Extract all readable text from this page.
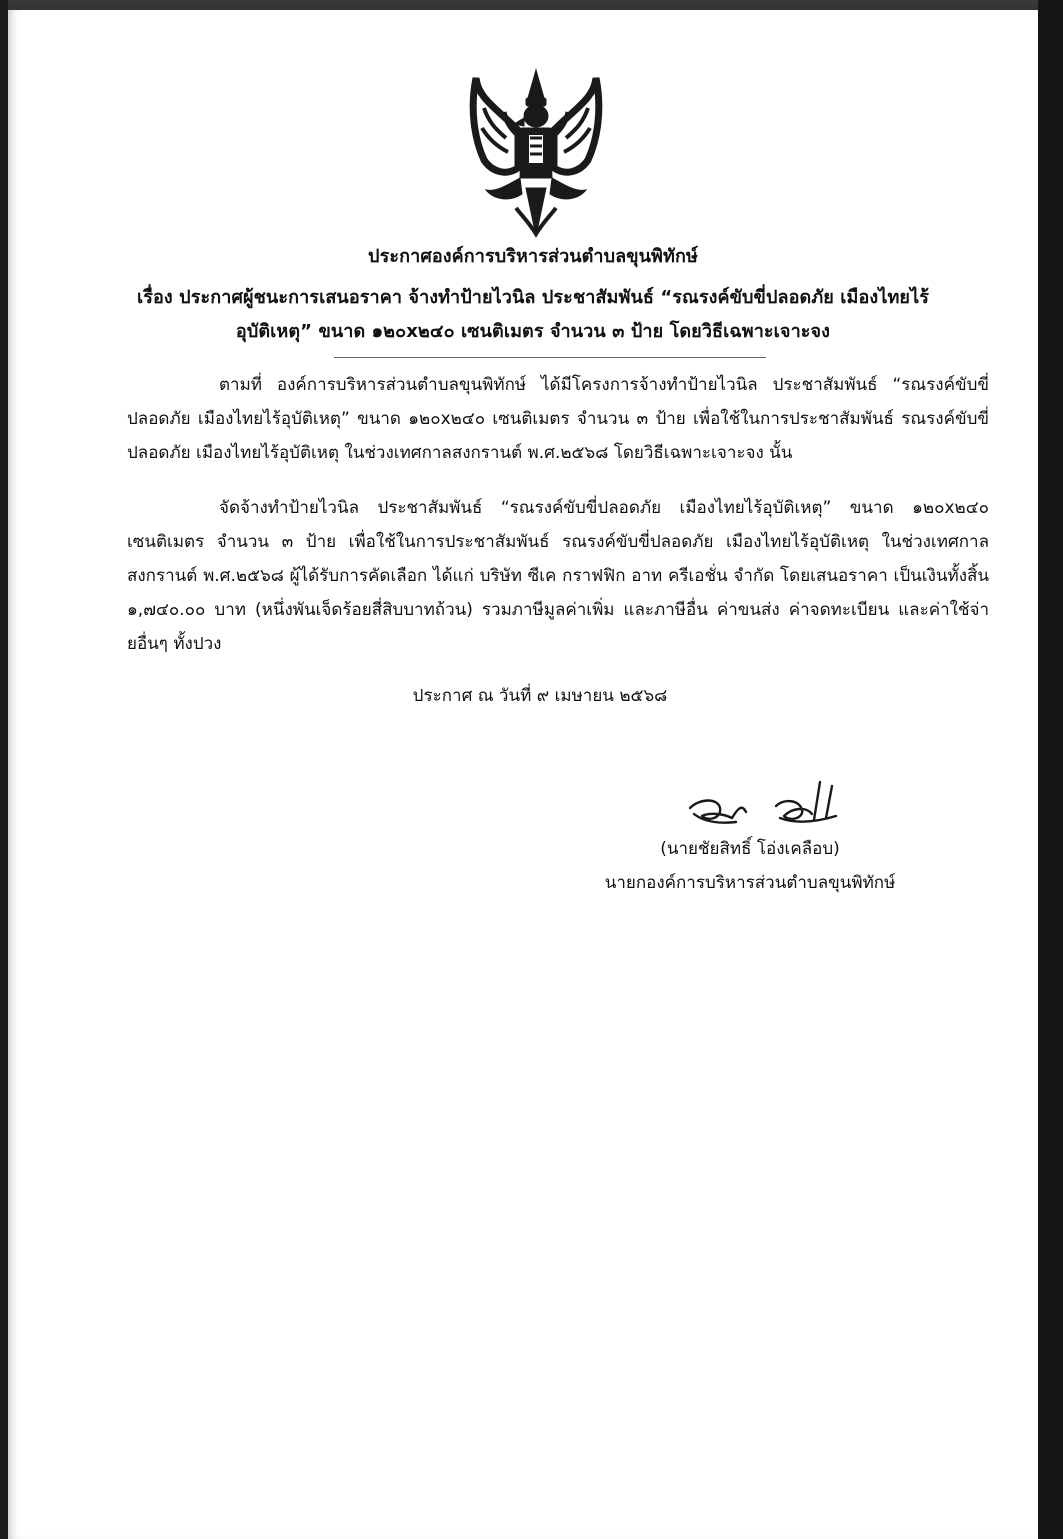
ประกาศองค์การบริหารส่วนตำบลขุนพิทักษ์
เรื่อง ประกาศผู้ชนะการเสนอราคา จ้างทำป้ายไวนิล ประชาสัมพันธ์ “รณรงค์ขับขี่ปลอดภัย เมืองไทยไร้
อุบัติเหตุ” ขนาด ๑๒๐x๒๔๐ เซนติเมตร จำนวน ๓ ป้าย โดยวิธีเฉพาะเจาะจง
ตามที่ องค์การบริหารส่วนตำบลขุนพิทักษ์ ได้มีโครงการจ้างทำป้ายไวนิล ประชาสัมพันธ์ “รณรงค์ขับขี่ปลอดภัย เมืองไทยไร้อุบัติเหตุ” ขนาด ๑๒๐x๒๔๐ เซนติเมตร จำนวน ๓ ป้าย เพื่อใช้ในการประชาสัมพันธ์ รณรงค์ขับขี่ปลอดภัย เมืองไทยไร้อุบัติเหตุ ในช่วงเทศกาลสงกรานต์ พ.ศ.๒๕๖๘ โดยวิธีเฉพาะเจาะจง นั้น
จัดจ้างทำป้ายไวนิล ประชาสัมพันธ์ “รณรงค์ขับขี่ปลอดภัย เมืองไทยไร้อุบัติเหตุ” ขนาด ๑๒๐x๒๔๐ เซนติเมตร จำนวน ๓ ป้าย เพื่อใช้ในการประชาสัมพันธ์ รณรงค์ขับขี่ปลอดภัย เมืองไทยไร้อุบัติเหตุ ในช่วงเทศกาลสงกรานต์ พ.ศ.๒๕๖๘ ผู้ได้รับการคัดเลือก ได้แก่ บริษัท ซีเค กราฟฟิก อาท ครีเอชั่น จำกัด โดยเสนอราคา เป็นเงินทั้งสิ้น ๑,๗๔๐.๐๐ บาท (หนึ่งพันเจ็ดร้อยสี่สิบบาทถ้วน) รวมภาษีมูลค่าเพิ่ม และภาษีอื่น ค่าขนส่ง ค่าจดทะเบียน และค่าใช้จ่ายอื่นๆ ทั้งปวง
ประกาศ ณ วันที่ ๙ เมษายน ๒๕๖๘
(นายชัยสิทธิ์ โอ่งเคลือบ)
นายกองค์การบริหารส่วนตำบลขุนพิทักษ์
